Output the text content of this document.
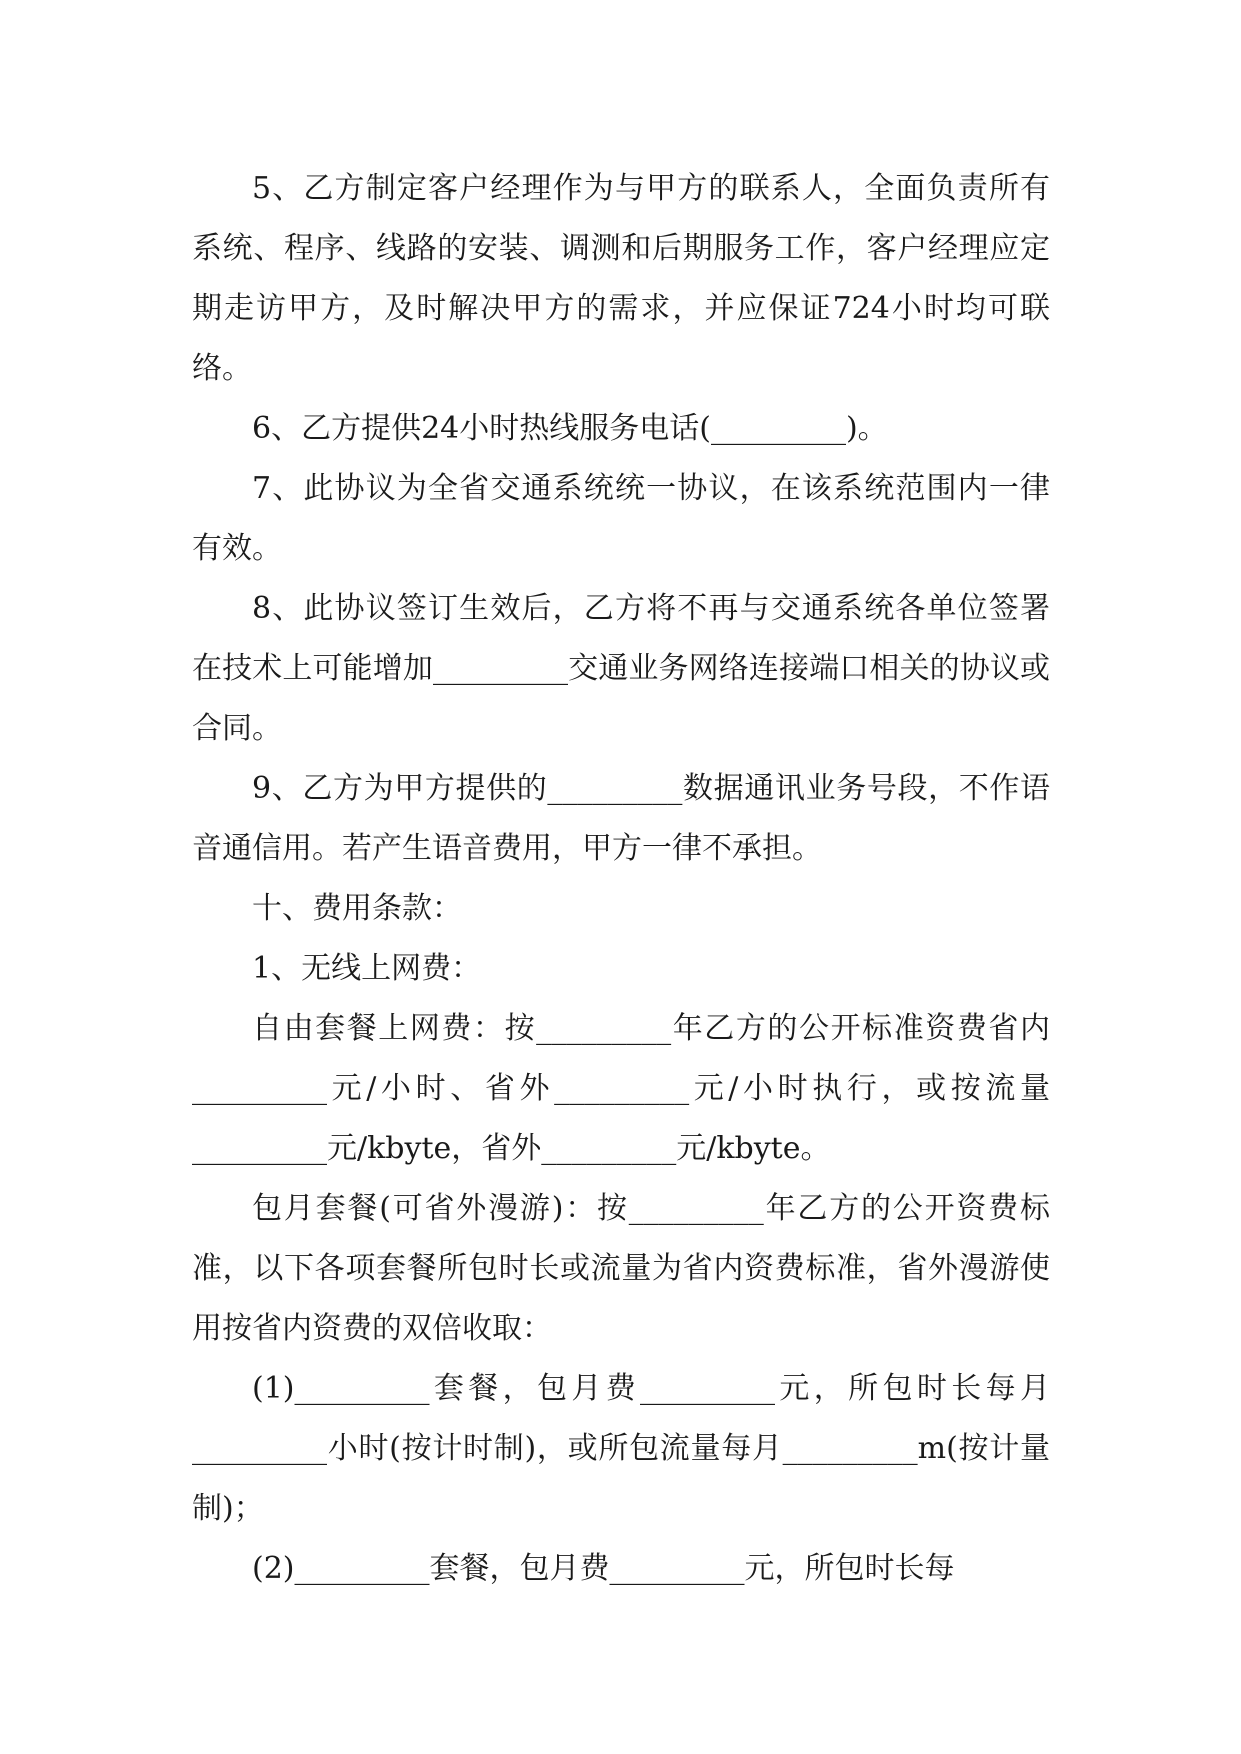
5、乙方制定客户经理作为与甲方的联系人，全面负责所有系统、程序、线路的安装、调测和后期服务工作，客户经理应定期走访甲方，及时解决甲方的需求，并应保证724小时均可联络。

6、乙方提供24小时热线服务电话(_________)。

7、此协议为全省交通系统统一协议，在该系统范围内一律有效。

8、此协议签订生效后，乙方将不再与交通系统各单位签署在技术上可能增加_________交通业务网络连接端口相关的协议或合同。

9、乙方为甲方提供的_________数据通讯业务号段，不作语音通信用。若产生语音费用，甲方一律不承担。

十、费用条款：

1、无线上网费：

自由套餐上网费：按_________年乙方的公开标准资费省内_________元/小时、省外_________元/小时执行，或按流量_________元/kbyte，省外_________元/kbyte。

包月套餐(可省外漫游)：按_________年乙方的公开资费标准，以下各项套餐所包时长或流量为省内资费标准，省外漫游使用按省内资费的双倍收取：

(1)_________套餐，包月费_________元，所包时长每月_________小时(按计时制)，或所包流量每月_________m(按计量制)；

(2)_________套餐，包月费_________元，所包时长每
